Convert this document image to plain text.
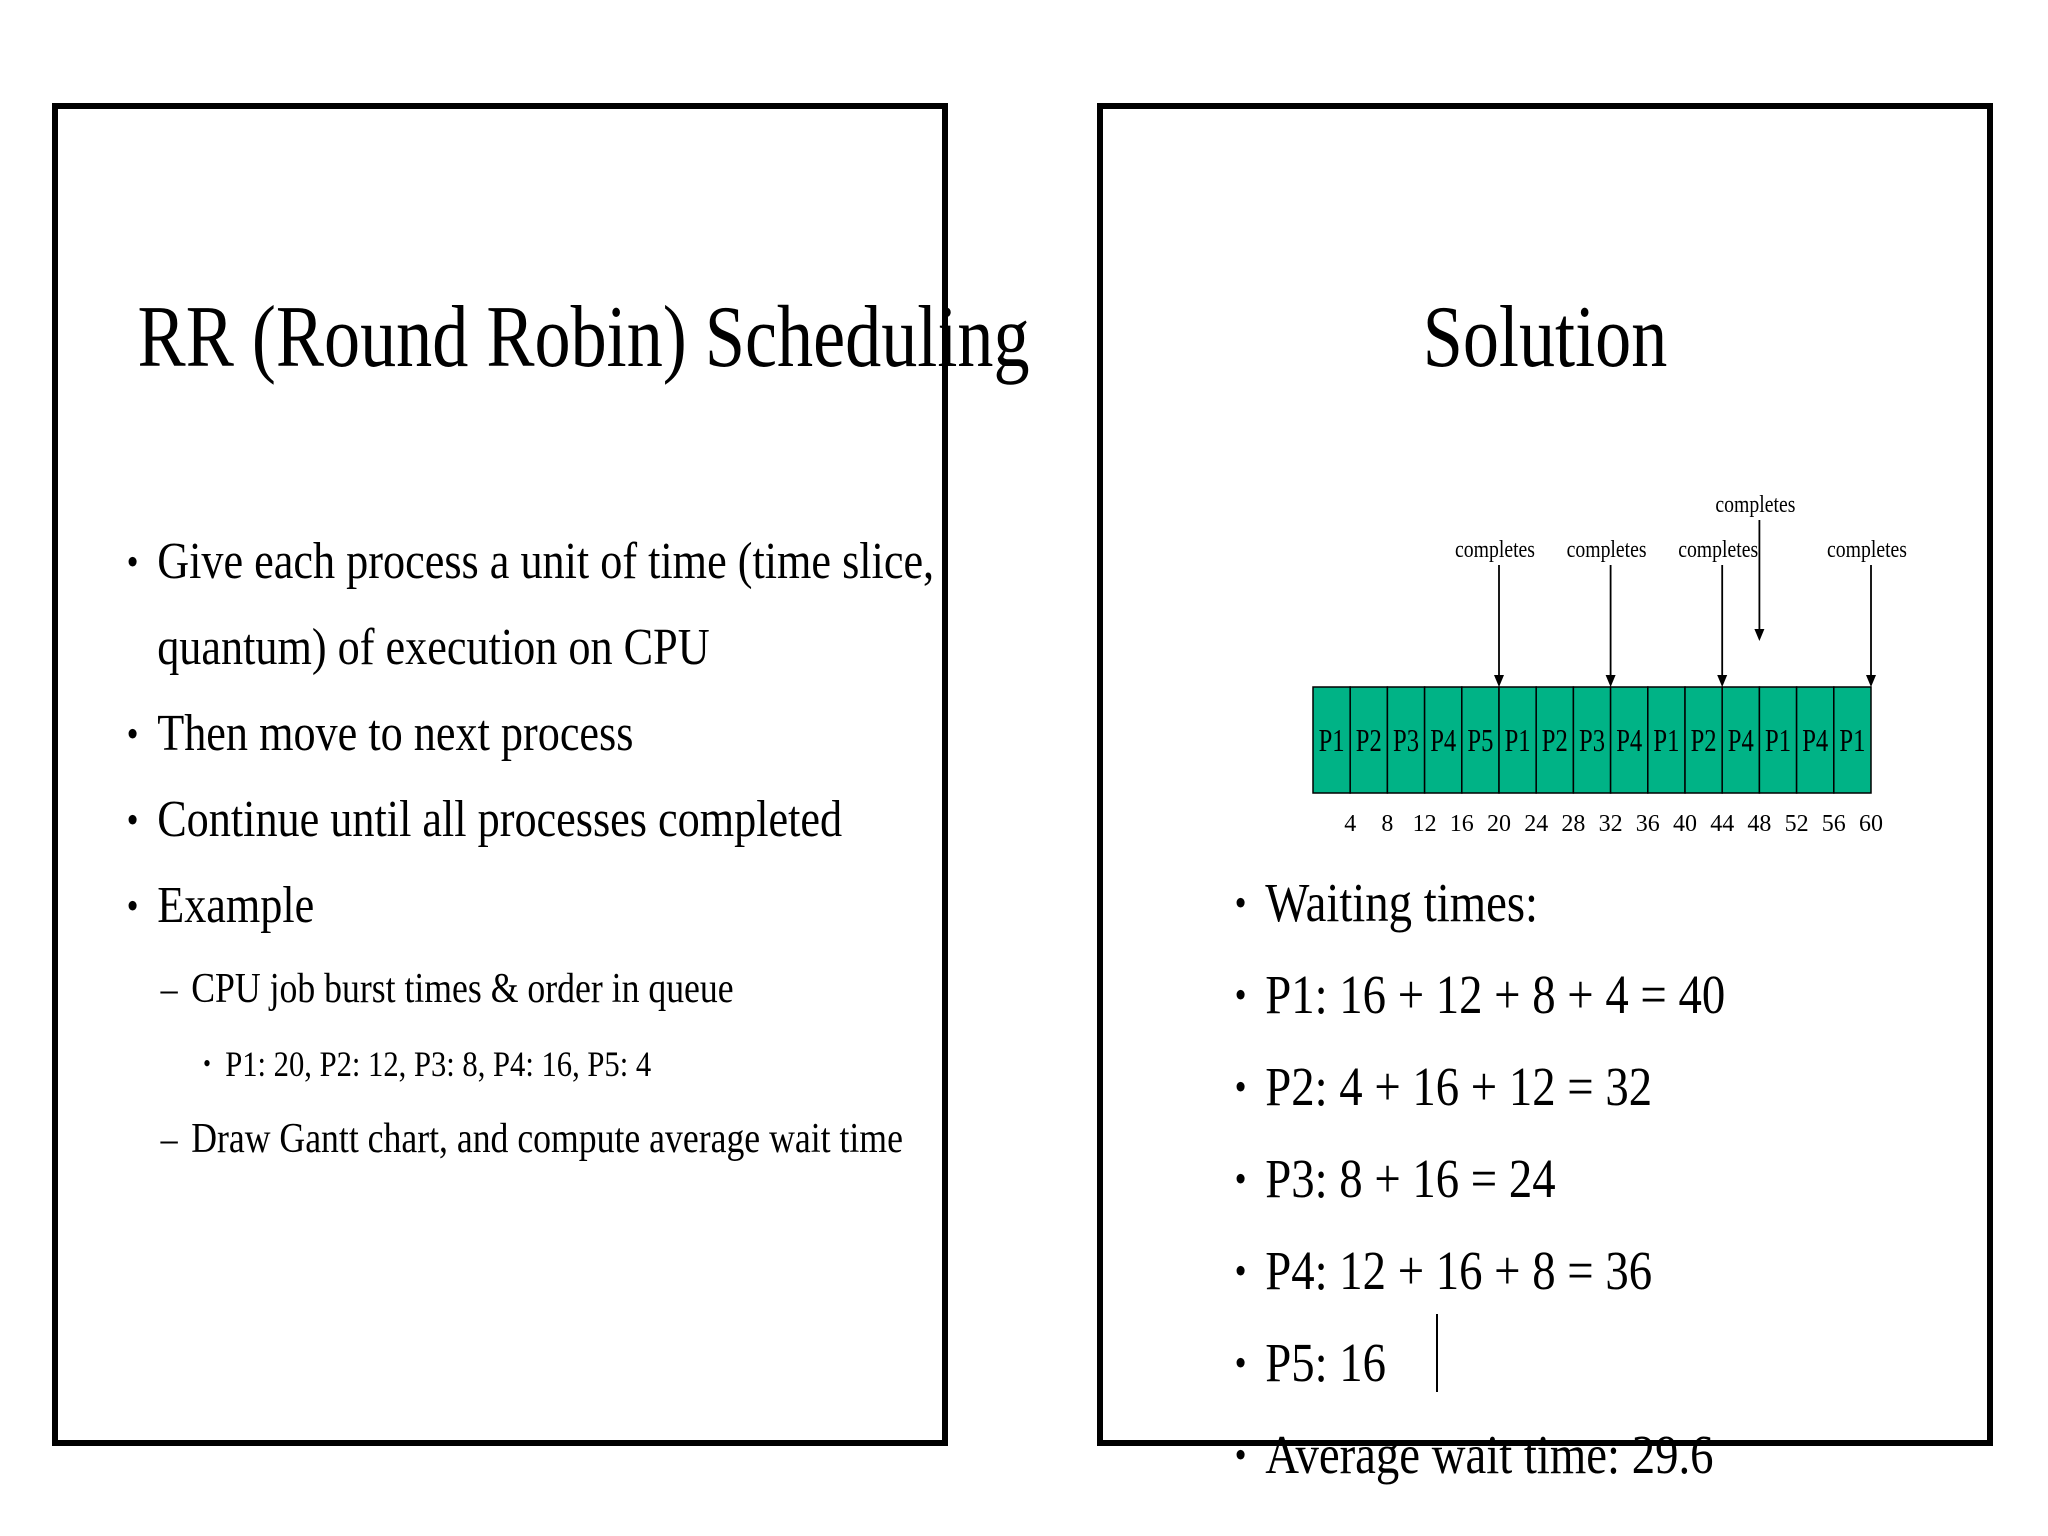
RR (Round Robin) Scheduling
• Give each process a unit of time (time slice,
quantum) of execution on CPU
• Then move to next process
• Continue until all processes completed
• Example
– CPU job burst times & order in queue
• P1: 20, P2: 12, P3: 8, P4: 16, P5: 4
– Draw Gantt chart, and compute average wait time
Solution
P1 P2 P3 P4 P5 P1 P2 P3 P4 P1 P2 P4 P1 P4 P1
4 8 12 16 20 24 28 32 36 40 44 48 52 56 60
completes completes completes
completes
completes
• Waiting times:
• P1: 16 + 12 + 8 + 4 = 40
• P2: 4 + 16 + 12 = 32
• P3: 8 + 16 = 24
• P4: 12 + 16 + 8 = 36
• P5: 16
• Average wait time: 29.6
